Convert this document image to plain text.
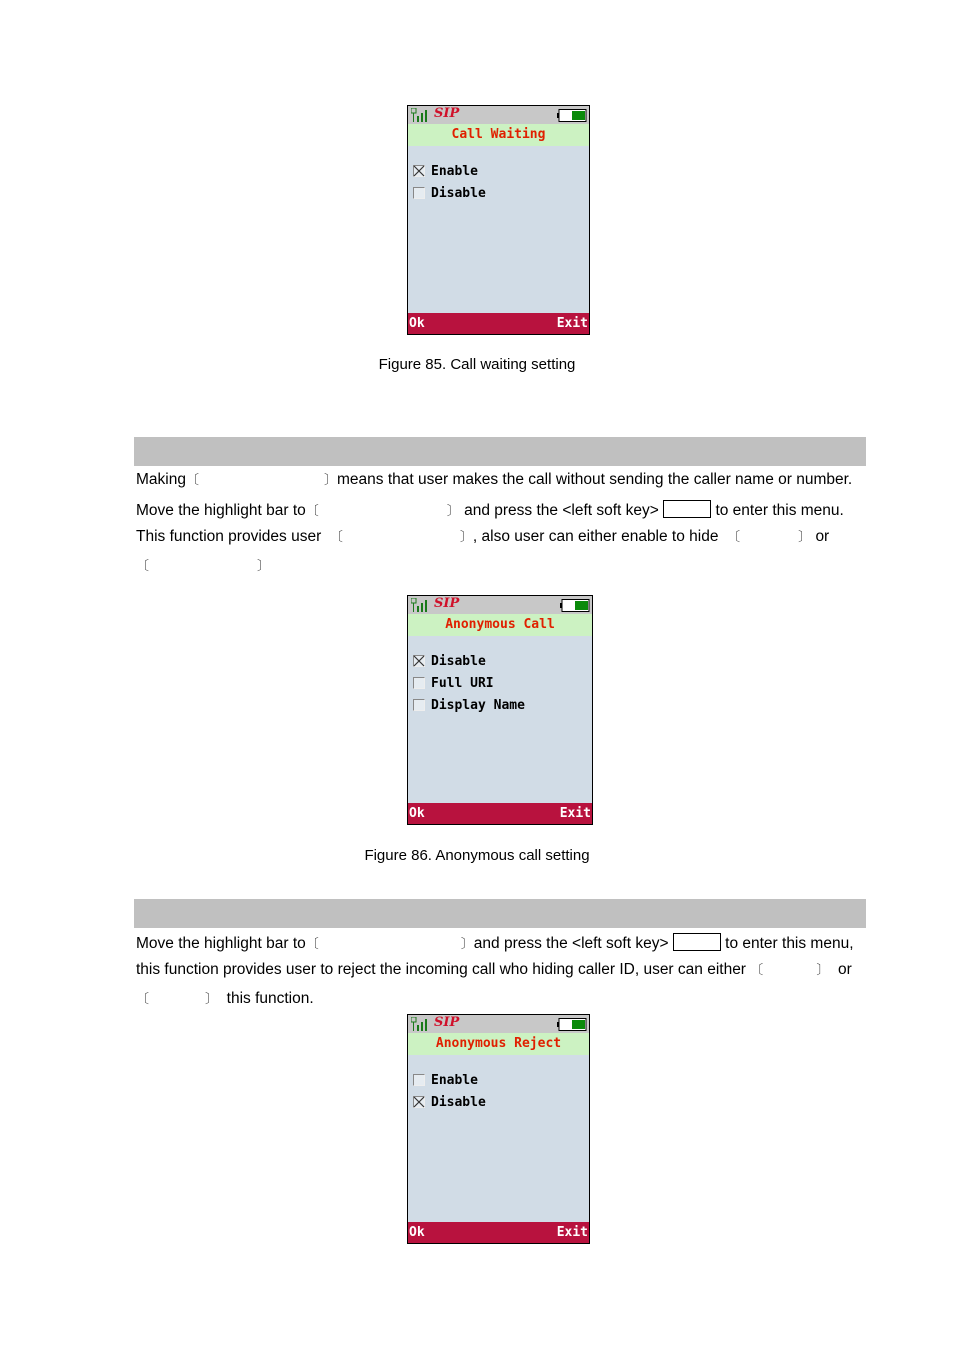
SIP
Call Waiting

Enable

Disable

Ok	Exit
Figure 85. Call waiting setting
Making〔	〕means that user makes the call without sending the caller name or number.
Move the highlight bar to〔	〕 and press the <left soft key>	to enter this menu.
This function provides user 〔	〕, also user can either enable to hide 〔	〕 or
〔	〕
SIP
Anonymous Call

Disable

Full URI

Display Name

Ok	Exit
Figure 86. Anonymous call setting
Move the highlight bar to〔	〕and press the <left soft key>	to enter this menu,
this function provides user to reject the incoming call who hiding caller ID, user can either 〔	〕 or
〔	〕 this function.
SIP
Anonymous Reject

Enable

Disable

Ok	Exit
